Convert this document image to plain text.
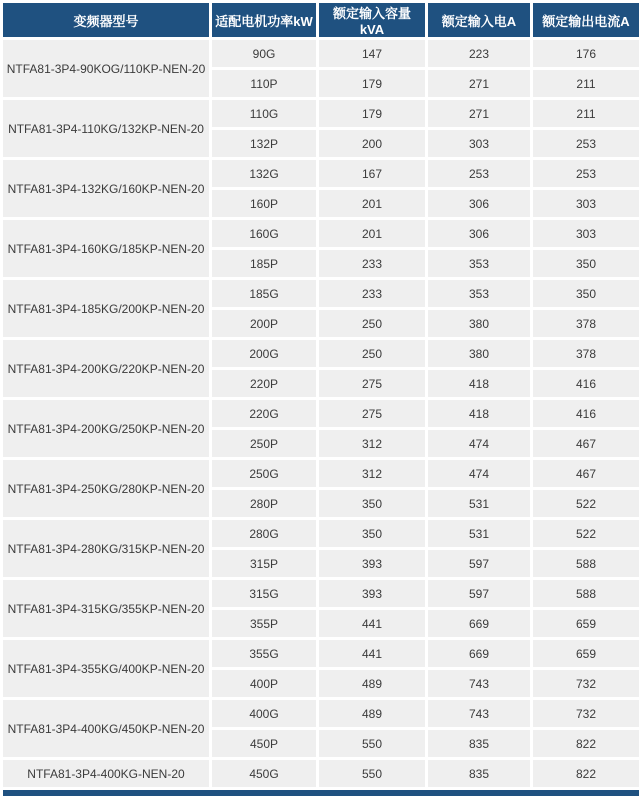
变频器型号	适配电机功率kW	额定输入容量kVA	额定输入电A	额定输出电流A
NTFA81-3P4-90KOG/110KP-NEN-20	90G	147	223	176
	110P	179	271	211
NTFA81-3P4-110KG/132KP-NEN-20	110G	179	271	211
	132P	200	303	253
NTFA81-3P4-132KG/160KP-NEN-20	132G	167	253	253
	160P	201	306	303
NTFA81-3P4-160KG/185KP-NEN-20	160G	201	306	303
	185P	233	353	350
NTFA81-3P4-185KG/200KP-NEN-20	185G	233	353	350
	200P	250	380	378
NTFA81-3P4-200KG/220KP-NEN-20	200G	250	380	378
	220P	275	418	416
NTFA81-3P4-200KG/250KP-NEN-20	220G	275	418	416
	250P	312	474	467
NTFA81-3P4-250KG/280KP-NEN-20	250G	312	474	467
	280P	350	531	522
NTFA81-3P4-280KG/315KP-NEN-20	280G	350	531	522
	315P	393	597	588
NTFA81-3P4-315KG/355KP-NEN-20	315G	393	597	588
	355P	441	669	659
NTFA81-3P4-355KG/400KP-NEN-20	355G	441	669	659
	400P	489	743	732
NTFA81-3P4-400KG/450KP-NEN-20	400G	489	743	732
	450P	550	835	822
NTFA81-3P4-400KG-NEN-20	450G	550	835	822
